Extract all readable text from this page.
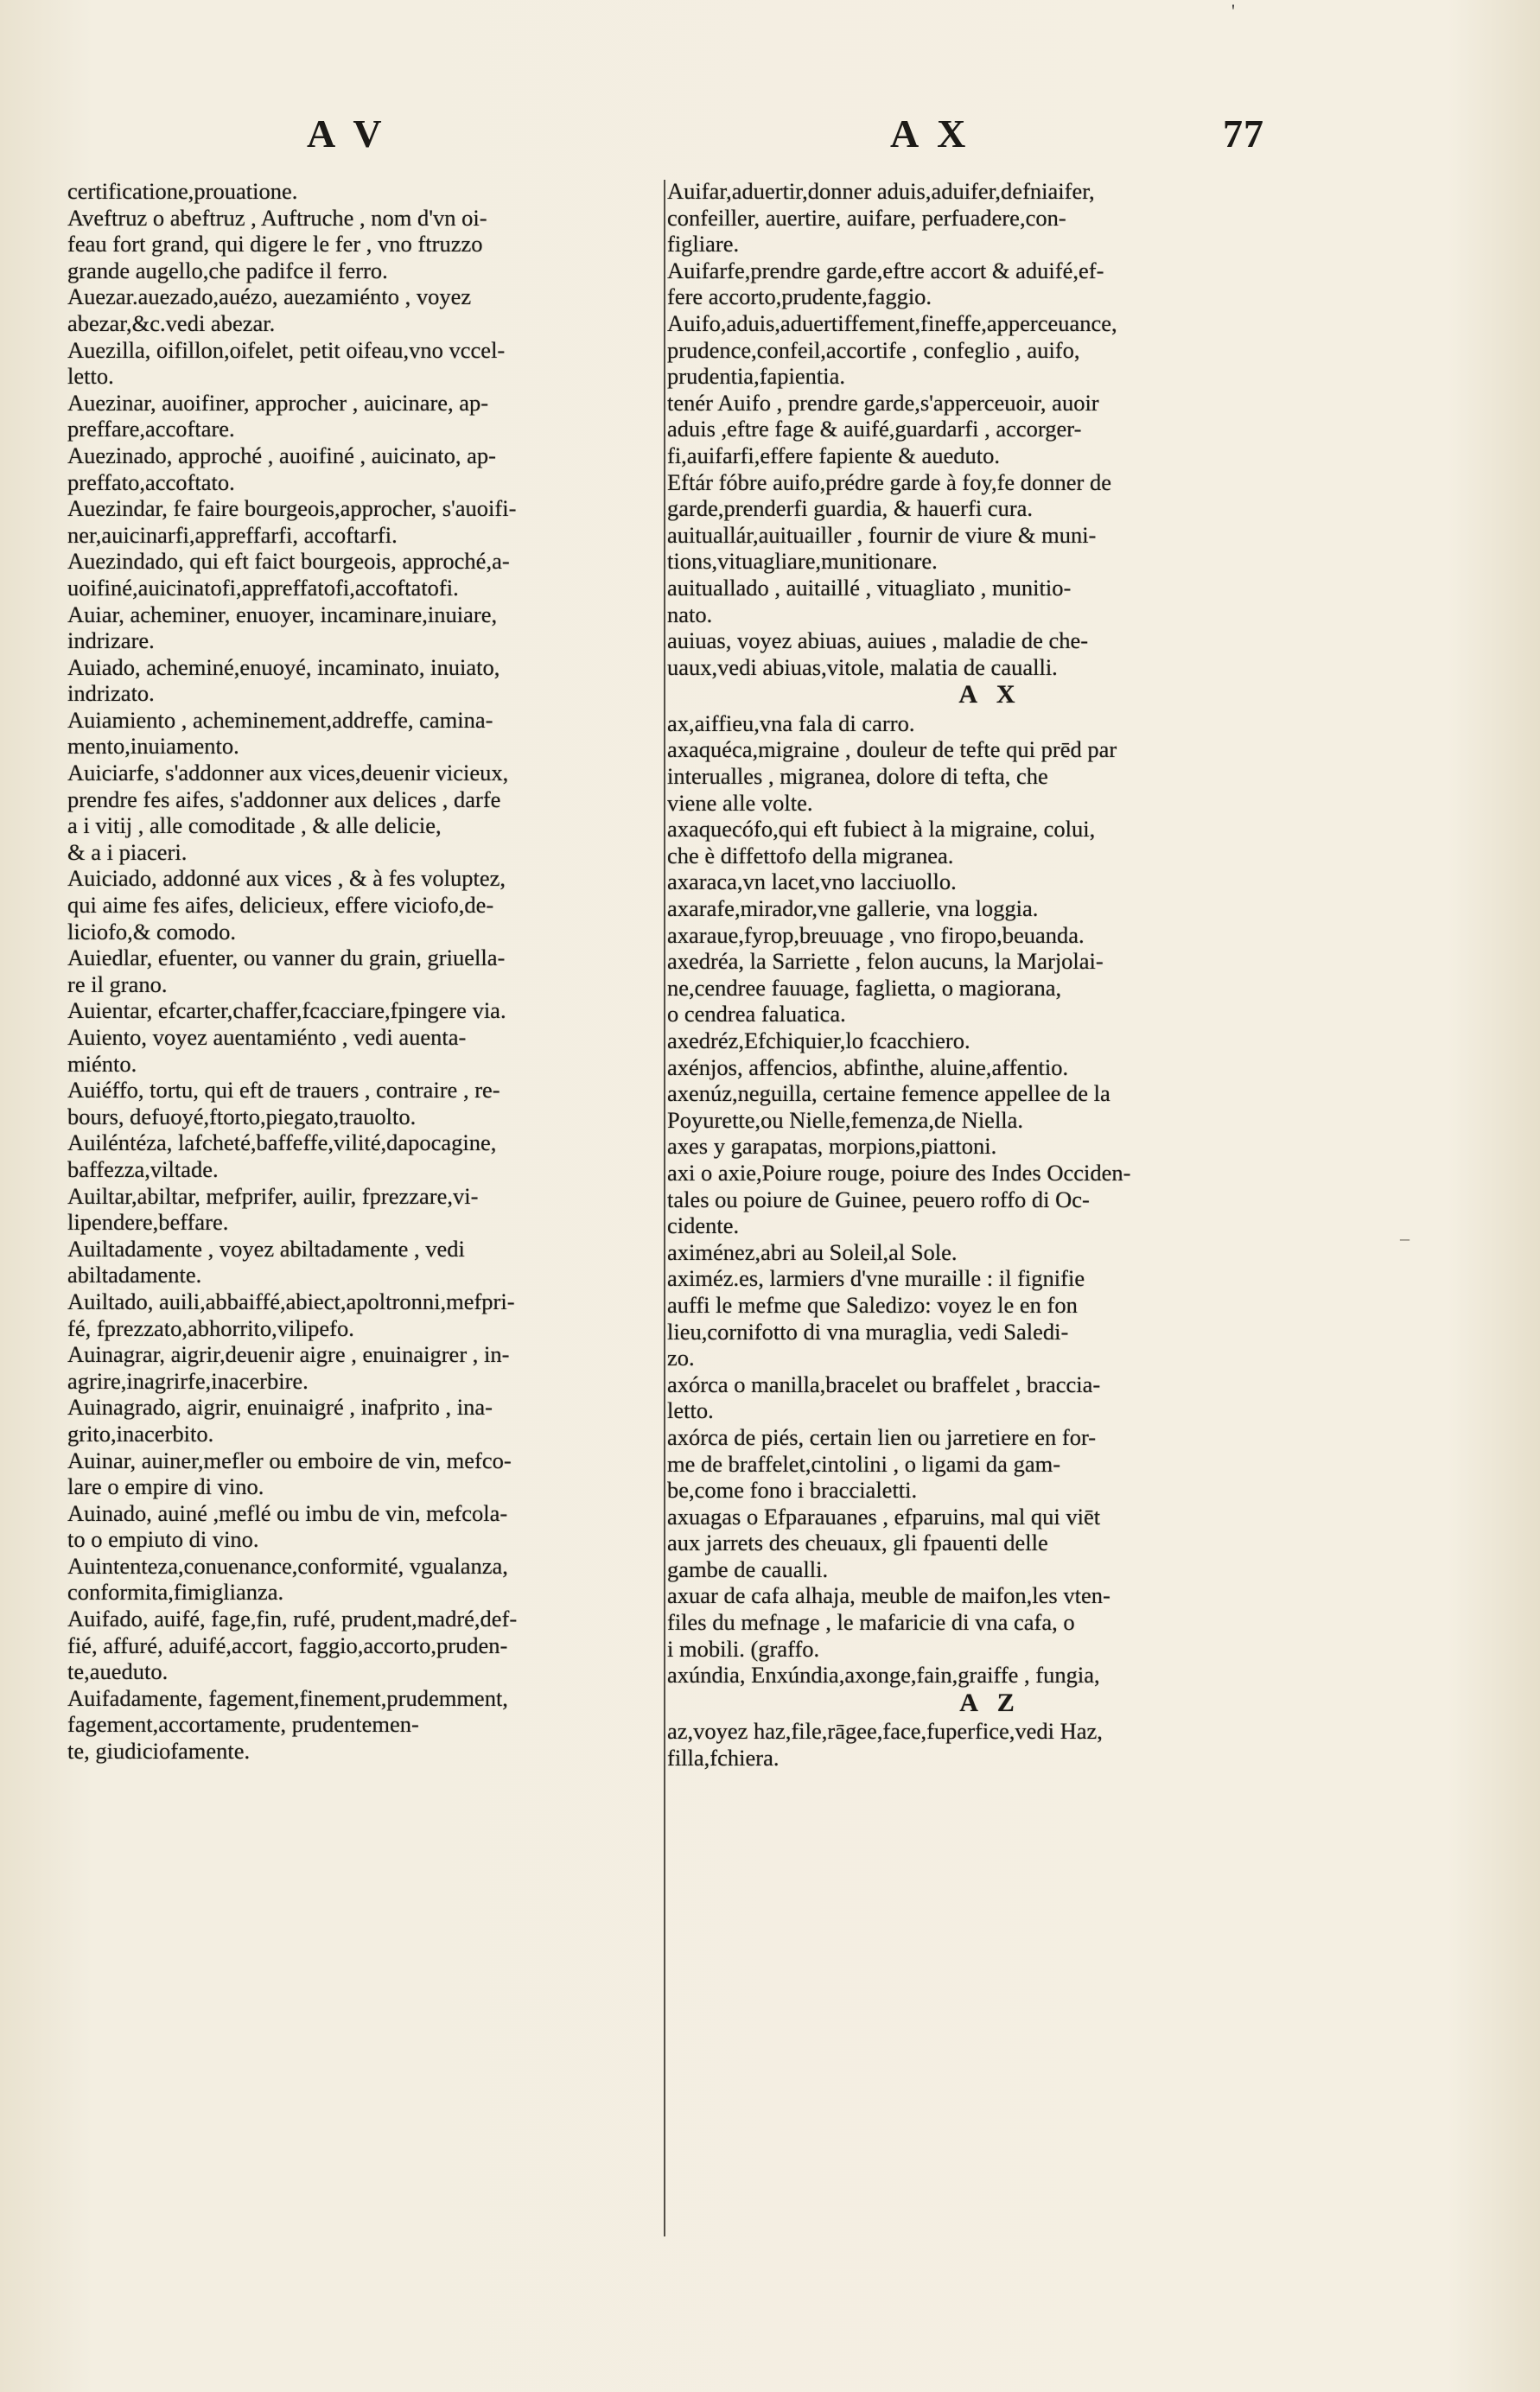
'
A V	A X	77
certificatione,prouatione.
Aveftruz o abeftruz , Auftruche , nom d'vn oi-
feau fort grand, qui digere le fer , vno ftruzzo
grande augello,che padifce il ferro.
Auezar.auezado,auézo, auezamiénto , voyez
abezar,&c.vedi abezar.
Auezilla, oifillon,oifelet, petit oifeau,vno vccel-
letto.
Auezinar, auoifiner, approcher , auicinare, ap-
preffare,accoftare.
Auezinado, approché , auoifiné , auicinato, ap-
preffato,accoftato.
Auezindar, fe faire bourgeois,approcher, s'auoifi-
ner,auicinarfi,appreffarfi, accoftarfi.
Auezindado, qui eft faict bourgeois, approché,a-
uoifiné,auicinatofi,appreffatofi,accoftatofi.
Auiar, acheminer, enuoyer, incaminare,inuiare,
indrizare.
Auiado, acheminé,enuoyé, incaminato, inuiato,
indrizato.
Auiamiento , acheminement,addreffe, camina-
mento,inuiamento.
Auiciarfe, s'addonner aux vices,deuenir vicieux,
prendre fes aifes, s'addonner aux delices , darfe
a i vitij , alle comoditade , & alle delicie,
& a i piaceri.
Auiciado, addonné aux vices , & à fes voluptez,
qui aime fes aifes, delicieux, effere viciofo,de-
liciofo,& comodo.
Auiedlar, efuenter, ou vanner du grain, griuella-
re il grano.
Auientar, efcarter,chaffer,fcacciare,fpingere via.
Auiento, voyez auentamiénto , vedi auenta-
miénto.
Auiéffo, tortu, qui eft de trauers , contraire , re-
bours, defuoyé,ftorto,piegato,trauolto.
Auiléntéza, lafcheté,baffeffe,vilité,dapocagine,
baffezza,viltade.
Auiltar,abiltar, mefprifer, auilir, fprezzare,vi-
lipendere,beffare.
Auiltadamente , voyez abiltadamente , vedi
abiltadamente.
Auiltado, auili,abbaiffé,abiect,apoltronni,mefpri-
fé, fprezzato,abhorrito,vilipefo.
Auinagrar, aigrir,deuenir aigre , enuinaigrer , in-
agrire,inagrirfe,inacerbire.
Auinagrado, aigrir, enuinaigré , inafprito , ina-
grito,inacerbito.
Auinar, auiner,mefler ou emboire de vin, mefco-
lare o empire di vino.
Auinado, auiné ,meflé ou imbu de vin, mefcola-
to o empiuto di vino.
Auintenteza,conuenance,conformité, vgualanza,
conformita,fimiglianza.
Auifado, auifé, fage,fin, rufé, prudent,madré,def-
fié, affuré, aduifé,accort, faggio,accorto,pruden-
te,aueduto.
Auifadamente, fagement,finement,prudemment,
fagement,accortamente, prudentemen-
te, giudiciofamente.
Auifar,aduertir,donner aduis,aduifer,defniaifer,
confeiller, auertire, auifare, perfuadere,con-
figliare.
Auifarfe,prendre garde,eftre accort & aduifé,ef-
fere accorto,prudente,faggio.
Auifo,aduis,aduertiffement,fineffe,apperceuance,
prudence,confeil,accortife , confeglio , auifo,
prudentia,fapientia.
tenér Auifo , prendre garde,s'apperceuoir, auoir
aduis ,eftre fage & auifé,guardarfi , accorger-
fi,auifarfi,effere fapiente & aueduto.
Eftár fóbre auifo,prédre garde à foy,fe donner de
garde,prenderfi guardia, & hauerfi cura.
auituallár,auituailler , fournir de viure & muni-
tions,vituagliare,munitionare.
auituallado , auitaillé , vituagliato , munitio-
nato.
auiuas, voyez abiuas, auiues , maladie de che-
uaux,vedi abiuas,vitole, malatia de caualli.
A X
ax,aiffieu,vna fala di carro.
axaquéca,migraine , douleur de tefte qui prēd par
interualles , migranea, dolore di tefta, che
viene alle volte.
axaquecófo,qui eft fubiect à la migraine, colui,
che è diffettofo della migranea.
axaraca,vn lacet,vno lacciuollo.
axarafe,mirador,vne gallerie, vna loggia.
axaraue,fyrop,breuuage , vno firopo,beuanda.
axedréa, la Sarriette , felon aucuns, la Marjolai-
ne,cendree fauuage, faglietta, o magiorana,
o cendrea faluatica.
axedréz,Efchiquier,lo fcacchiero.
axénjos, affencios, abfinthe, aluine,affentio.
axenúz,neguilla, certaine femence appellee de la
Poyurette,ou Nielle,femenza,de Niella.
axes y garapatas, morpions,piattoni.
axi o axie,Poiure rouge, poiure des Indes Occiden-
tales ou poiure de Guinee, peuero roffo di Oc-
cidente.
aximénez,abri au Soleil,al Sole.
aximéz.es, larmiers d'vne muraille : il fignifie
auffi le mefme que Saledizo: voyez le en fon
lieu,cornifotto di vna muraglia, vedi Saledi-
zo.
axórca o manilla,bracelet ou braffelet , braccia-
letto.
axórca de piés, certain lien ou jarretiere en for-
me de braffelet,cintolini , o ligami da gam-
be,come fono i braccialetti.
axuagas o Efparauanes , efparuins, mal qui viēt
aux jarrets des cheuaux, gli fpauenti delle
gambe de caualli.
axuar de cafa alhaja, meuble de maifon,les vten-
files du mefnage , le mafaricie di vna cafa, o
i mobili. (graffo.
axúndia, Enxúndia,axonge,fain,graiffe , fungia,
A Z
az,voyez haz,file,rāgee,face,fuperfice,vedi Haz,
filla,fchiera.
–
